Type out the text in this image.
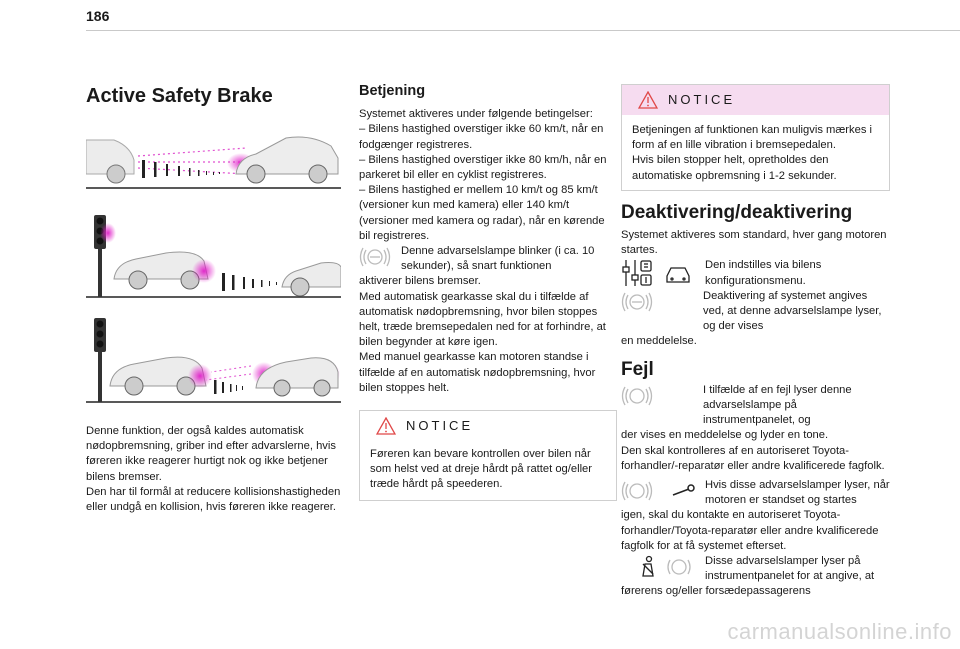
186
Active Safety Brake

Denne funktion, der også kaldes automatisk nødopbremsning, griber ind efter advarslerne, hvis føreren ikke reagerer hurtigt nok og ikke betjener bilens bremser.

Den har til formål at reducere kollisionshastigheden eller undgå en kollision, hvis føreren ikke reagerer.

Betjening

Systemet aktiveres under følgende betingelser:

– Bilens hastighed overstiger ikke 60 km/t, når en fodgænger registreres.

– Bilens hastighed overstiger ikke 80 km/h, når en parkeret bil eller en cyklist registreres.

– Bilens hastighed er mellem 10 km/t og 85 km/t (versioner kun med kamera) eller 140 km/t (versioner med kamera og radar), når en kørende bil registreres.

Denne advarselslampe blinker (i ca. 10 sekunder), så snart funktionen

aktiverer bilens bremser.

Med automatisk gearkasse skal du i tilfælde af automatisk nødopbremsning, hvor bilen stoppes helt, træde bremsepedalen ned for at forhindre, at bilen begynder at køre igen.

Med manuel gearkasse kan motoren standse i tilfælde af en automatisk nødopbremsning, hvor bilen stoppes helt.

NOTICE

Føreren kan bevare kontrollen over bilen når som helst ved at dreje hårdt på rattet og/eller træde hårdt på speederen.

NOTICE

Betjeningen af funktionen kan muligvis mærkes i form af en lille vibration i bremsepedalen.

Hvis bilen stopper helt, opretholdes den automatiske opbremsning i 1-2 sekunder.

Deaktivering/deaktivering

Systemet aktiveres som standard, hver gang motoren startes.

Den indstilles via bilens konfigurationsmenu.

Deaktivering af systemet angives ved, at denne advarselslampe lyser, og der vises

en meddelelse.

Fejl

I tilfælde af en fejl lyser denne advarselslampe på instrumentpanelet, og

der vises en meddelelse og lyder en tone.

Den skal kontrolleres af en autoriseret Toyota-forhandler/-reparatør eller andre kvalificerede fagfolk.

Hvis disse advarselslamper lyser, når motoren er standset og startes

igen, skal du kontakte en autoriseret Toyota-forhandler/Toyota-reparatør eller andre kvalificerede fagfolk for at få systemet efterset.

Disse advarselslamper lyser på instrumentpanelet for at angive, at

førerens og/eller forsædepassagerens

carmanualsonline.info
